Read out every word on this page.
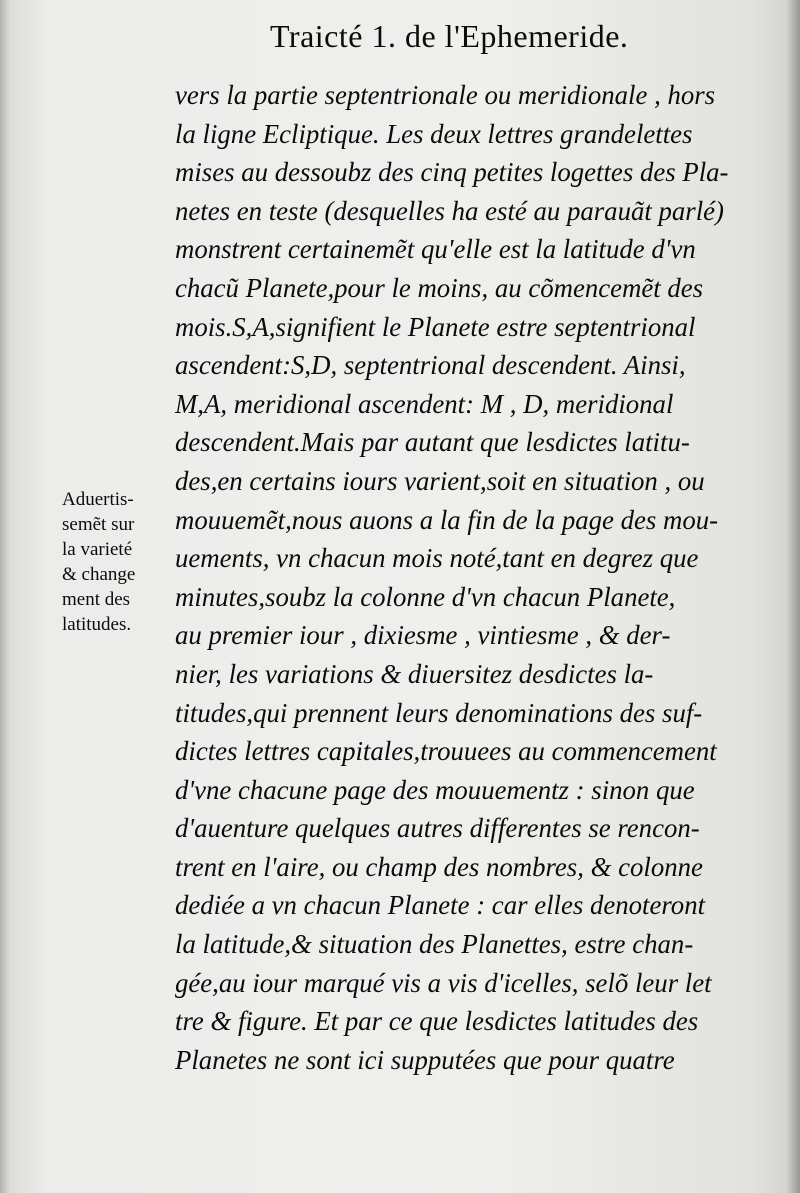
Traicté 1. de l'Ephemeride.
vers la partie septentrionale ou meridionale , hors
la ligne Ecliptique. Les deux lettres grandelettes
mises au dessoubz des cinq petites logettes des Pla-
netes en teste (desquelles ha esté au parauãt parlé)
monstrent certainemẽt qu'elle est la latitude d'vn
chacũ Planete,pour le moins, au cõmencemẽt des
mois.S,A,signifient le Planete estre septentrional
ascendent:S,D, septentrional descendent. Ainsi,
M,A, meridional ascendent: M , D, meridional
descendent.Mais par autant que lesdictes latitu-
des,en certains iours varient,soit en situation , ou
mouuemẽt,nous auons a la fin de la page des mou-
uements, vn chacun mois noté,tant en degrez que
minutes,soubz la colonne d'vn chacun Planete,
au premier iour , dixiesme , vintiesme , & der-
nier, les variations & diuersitez desdictes la-
titudes,qui prennent leurs denominations des suf-
dictes lettres capitales,trouuees au commencement
d'vne chacune page des mouuementz : sinon que
d'auenture quelques autres differentes se rencon-
trent en l'aire, ou champ des nombres, & colonne
dediée a vn chacun Planete : car elles denoteront
la latitude,& situation des Planettes, estre chan-
gée,au iour marqué vis a vis d'icelles, selõ leur let
tre & figure. Et par ce que lesdictes latitudes des
Planetes ne sont ici supputées que pour quatre
Aduertis-
semẽt sur
la varieté
& change
ment des
latitudes.
